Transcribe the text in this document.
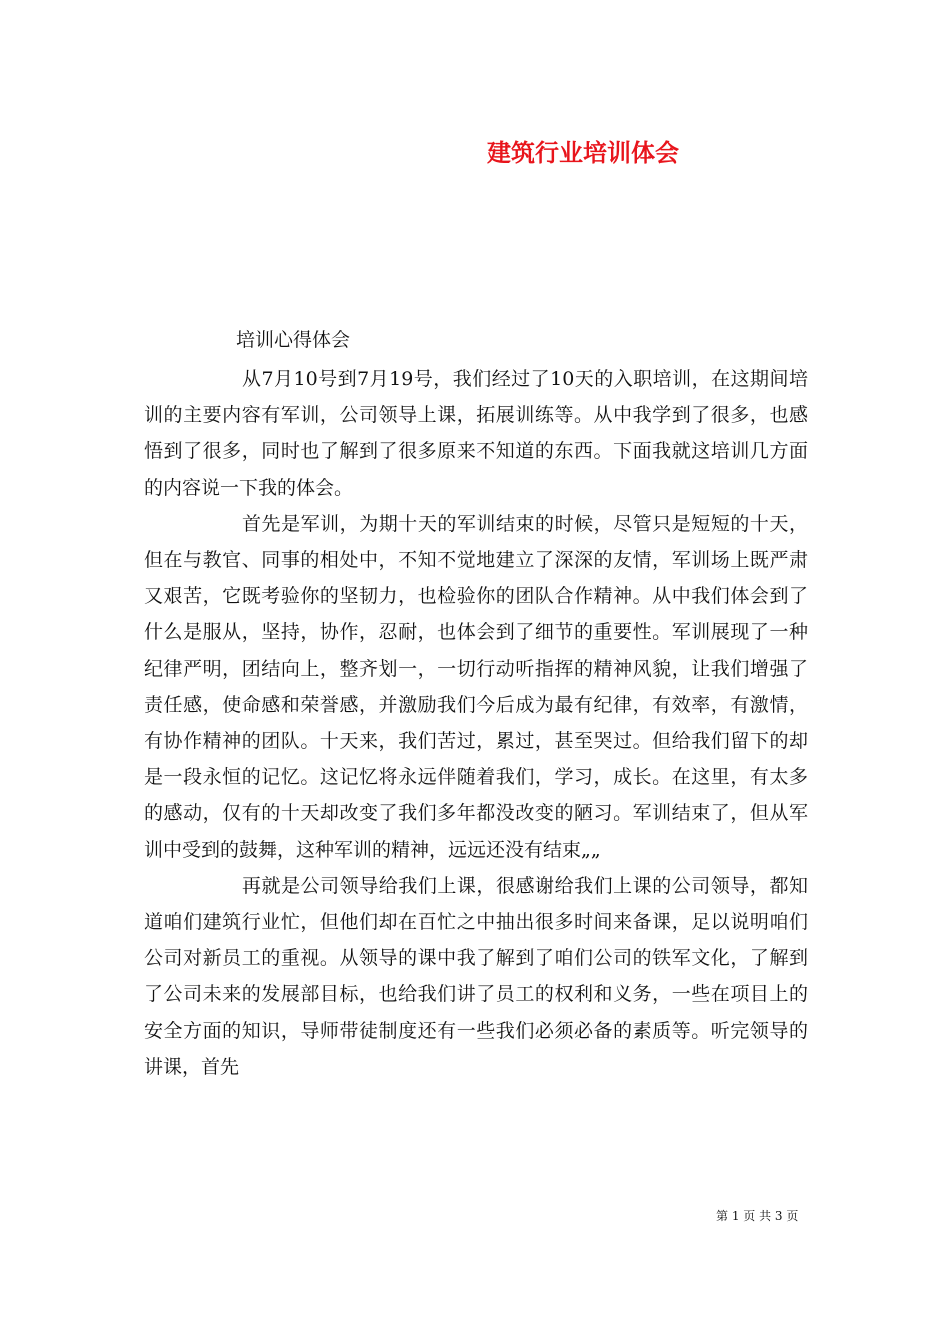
建筑行业培训体会
培训心得体会

从7月10号到7月19号，我们经过了10天的入职培训，在这期间培训的主要内容有军训，公司领导上课，拓展训练等。从中我学到了很多，也感悟到了很多，同时也了解到了很多原来不知道的东西。下面我就这培训几方面的内容说一下我的体会。

首先是军训，为期十天的军训结束的时候，尽管只是短短的十天，但在与教官、同事的相处中，不知不觉地建立了深深的友情，军训场上既严肃又艰苦，它既考验你的坚韧力，也检验你的团队合作精神。从中我们体会到了什么是服从，坚持，协作，忍耐，也体会到了细节的重要性。军训展现了一种纪律严明，团结向上，整齐划一，一切行动听指挥的精神风貌，让我们增强了责任感，使命感和荣誉感，并激励我们今后成为最有纪律，有效率，有激情，有协作精神的团队。十天来，我们苦过，累过，甚至哭过。但给我们留下的却是一段永恒的记忆。这记忆将永远伴随着我们，学习，成长。在这里，有太多的感动，仅有的十天却改变了我们多年都没改变的陋习。军训结束了，但从军训中受到的鼓舞，这种军训的精神，远远还没有结束„„

再就是公司领导给我们上课，很感谢给我们上课的公司领导，都知道咱们建筑行业忙，但他们却在百忙之中抽出很多时间来备课，足以说明咱们公司对新员工的重视。从领导的课中我了解到了咱们公司的铁军文化，了解到了公司未来的发展部目标，也给我们讲了员工的权利和义务，一些在项目上的安全方面的知识，导师带徒制度还有一些我们必须必备的素质等。听完领导的讲课，首先

第 1 页 共 3 页
